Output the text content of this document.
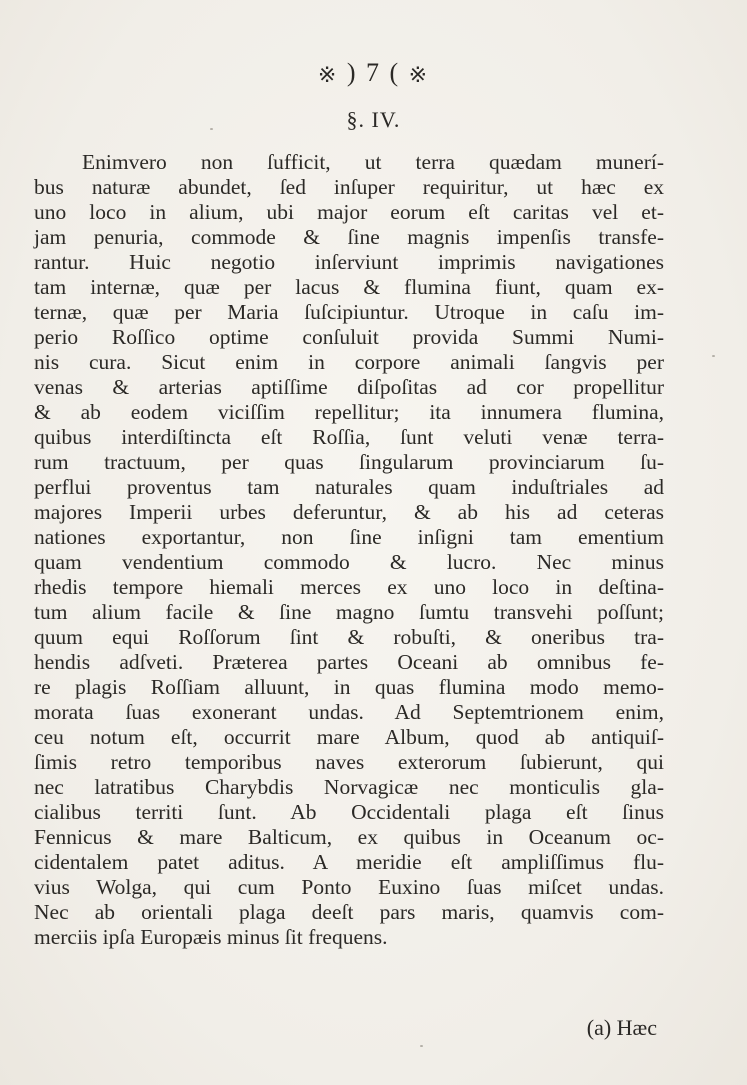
※ ) 7 ( ※
§. IV.
Enimvero non ſufficit, ut terra quædam munerí-
bus naturæ abundet, ſed inſuper requiritur, ut hæc ex
uno loco in alium, ubi major eorum eſt caritas vel et-
jam penuria, commode & ſine magnis impenſis transfe-
rantur. Huic negotio inſerviunt imprimis navigationes
tam internæ, quæ per lacus & flumina fiunt, quam ex-
ternæ, quæ per Maria ſuſcipiuntur. Utroque in caſu im-
perio Roſſico optime conſuluit provida Summi Numi-
nis cura. Sicut enim in corpore animali ſangvis per
venas & arterias aptiſſime diſpoſitas ad cor propellitur
& ab eodem viciſſim repellitur; ita innumera flumina,
quibus interdiſtincta eſt Roſſia, ſunt veluti venæ terra-
rum tractuum, per quas ſingularum provinciarum ſu-
perflui proventus tam naturales quam induſtriales ad
majores Imperii urbes deferuntur, & ab his ad ceteras
nationes exportantur, non ſine inſigni tam ementium
quam vendentium commodo & lucro. Nec minus
rhedis tempore hiemali merces ex uno loco in deſtina-
tum alium facile & ſine magno ſumtu transvehi poſſunt;
quum equi Roſſorum ſint & robuſti, & oneribus tra-
hendis adſveti. Præterea partes Oceani ab omnibus fe-
re plagis Roſſiam alluunt, in quas flumina modo memo-
morata ſuas exonerant undas. Ad Septemtrionem enim,
ceu notum eſt, occurrit mare Album, quod ab antiquiſ-
ſimis retro temporibus naves exterorum ſubierunt, qui
nec latratibus Charybdis Norvagicæ nec monticulis gla-
cialibus territi ſunt. Ab Occidentali plaga eſt ſinus
Fennicus & mare Balticum, ex quibus in Oceanum oc-
cidentalem patet aditus. A meridie eſt ampliſſimus flu-
vius Wolga, qui cum Ponto Euxino ſuas miſcet undas.
Nec ab orientali plaga deeſt pars maris, quamvis com-
merciis ipſa Europæis minus ſit frequens.
(a) Hæc
